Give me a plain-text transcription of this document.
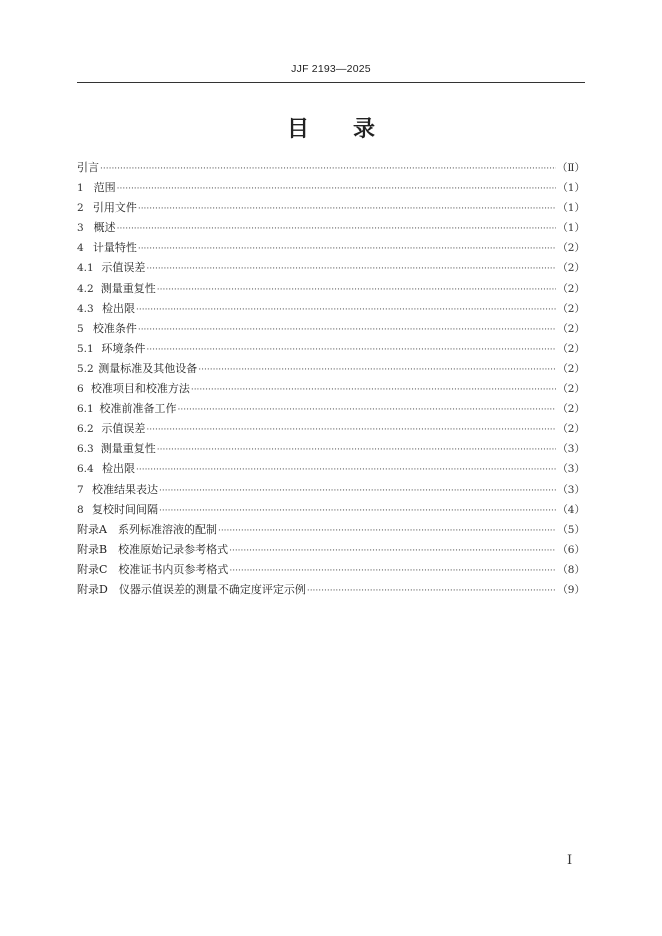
JJF 2193—2025
目录
引言 ·····	（Ⅱ）
1 范围 ·····	（1）
2 引用文件 ·····	（1）
3 概述 ·····	（1）
4 计量特性 ·····	（2）
4.1 示值误差 ·····	（2）
4.2 测量重复性 ·····	（2）
4.3 检出限 ·····	（2）
5 校准条件 ·····	（2）
5.1 环境条件 ·····	（2）
5.2 测量标准及其他设备 ·····	（2）
6 校准项目和校准方法 ·····	（2）
6.1 校准前准备工作 ·····	（2）
6.2 示值误差 ·····	（2）
6.3 测量重复性 ·····	（3）
6.4 检出限 ·····	（3）
7 校准结果表达 ·····	（3）
8 复校时间间隔 ·····	（4）
附录A　系列标准溶液的配制 ·····	（5）
附录B　校准原始记录参考格式 ·····	（6）
附录C　校准证书内页参考格式 ·····	（8）
附录D　仪器示值误差的测量不确定度评定示例 ·····	（9）
I
